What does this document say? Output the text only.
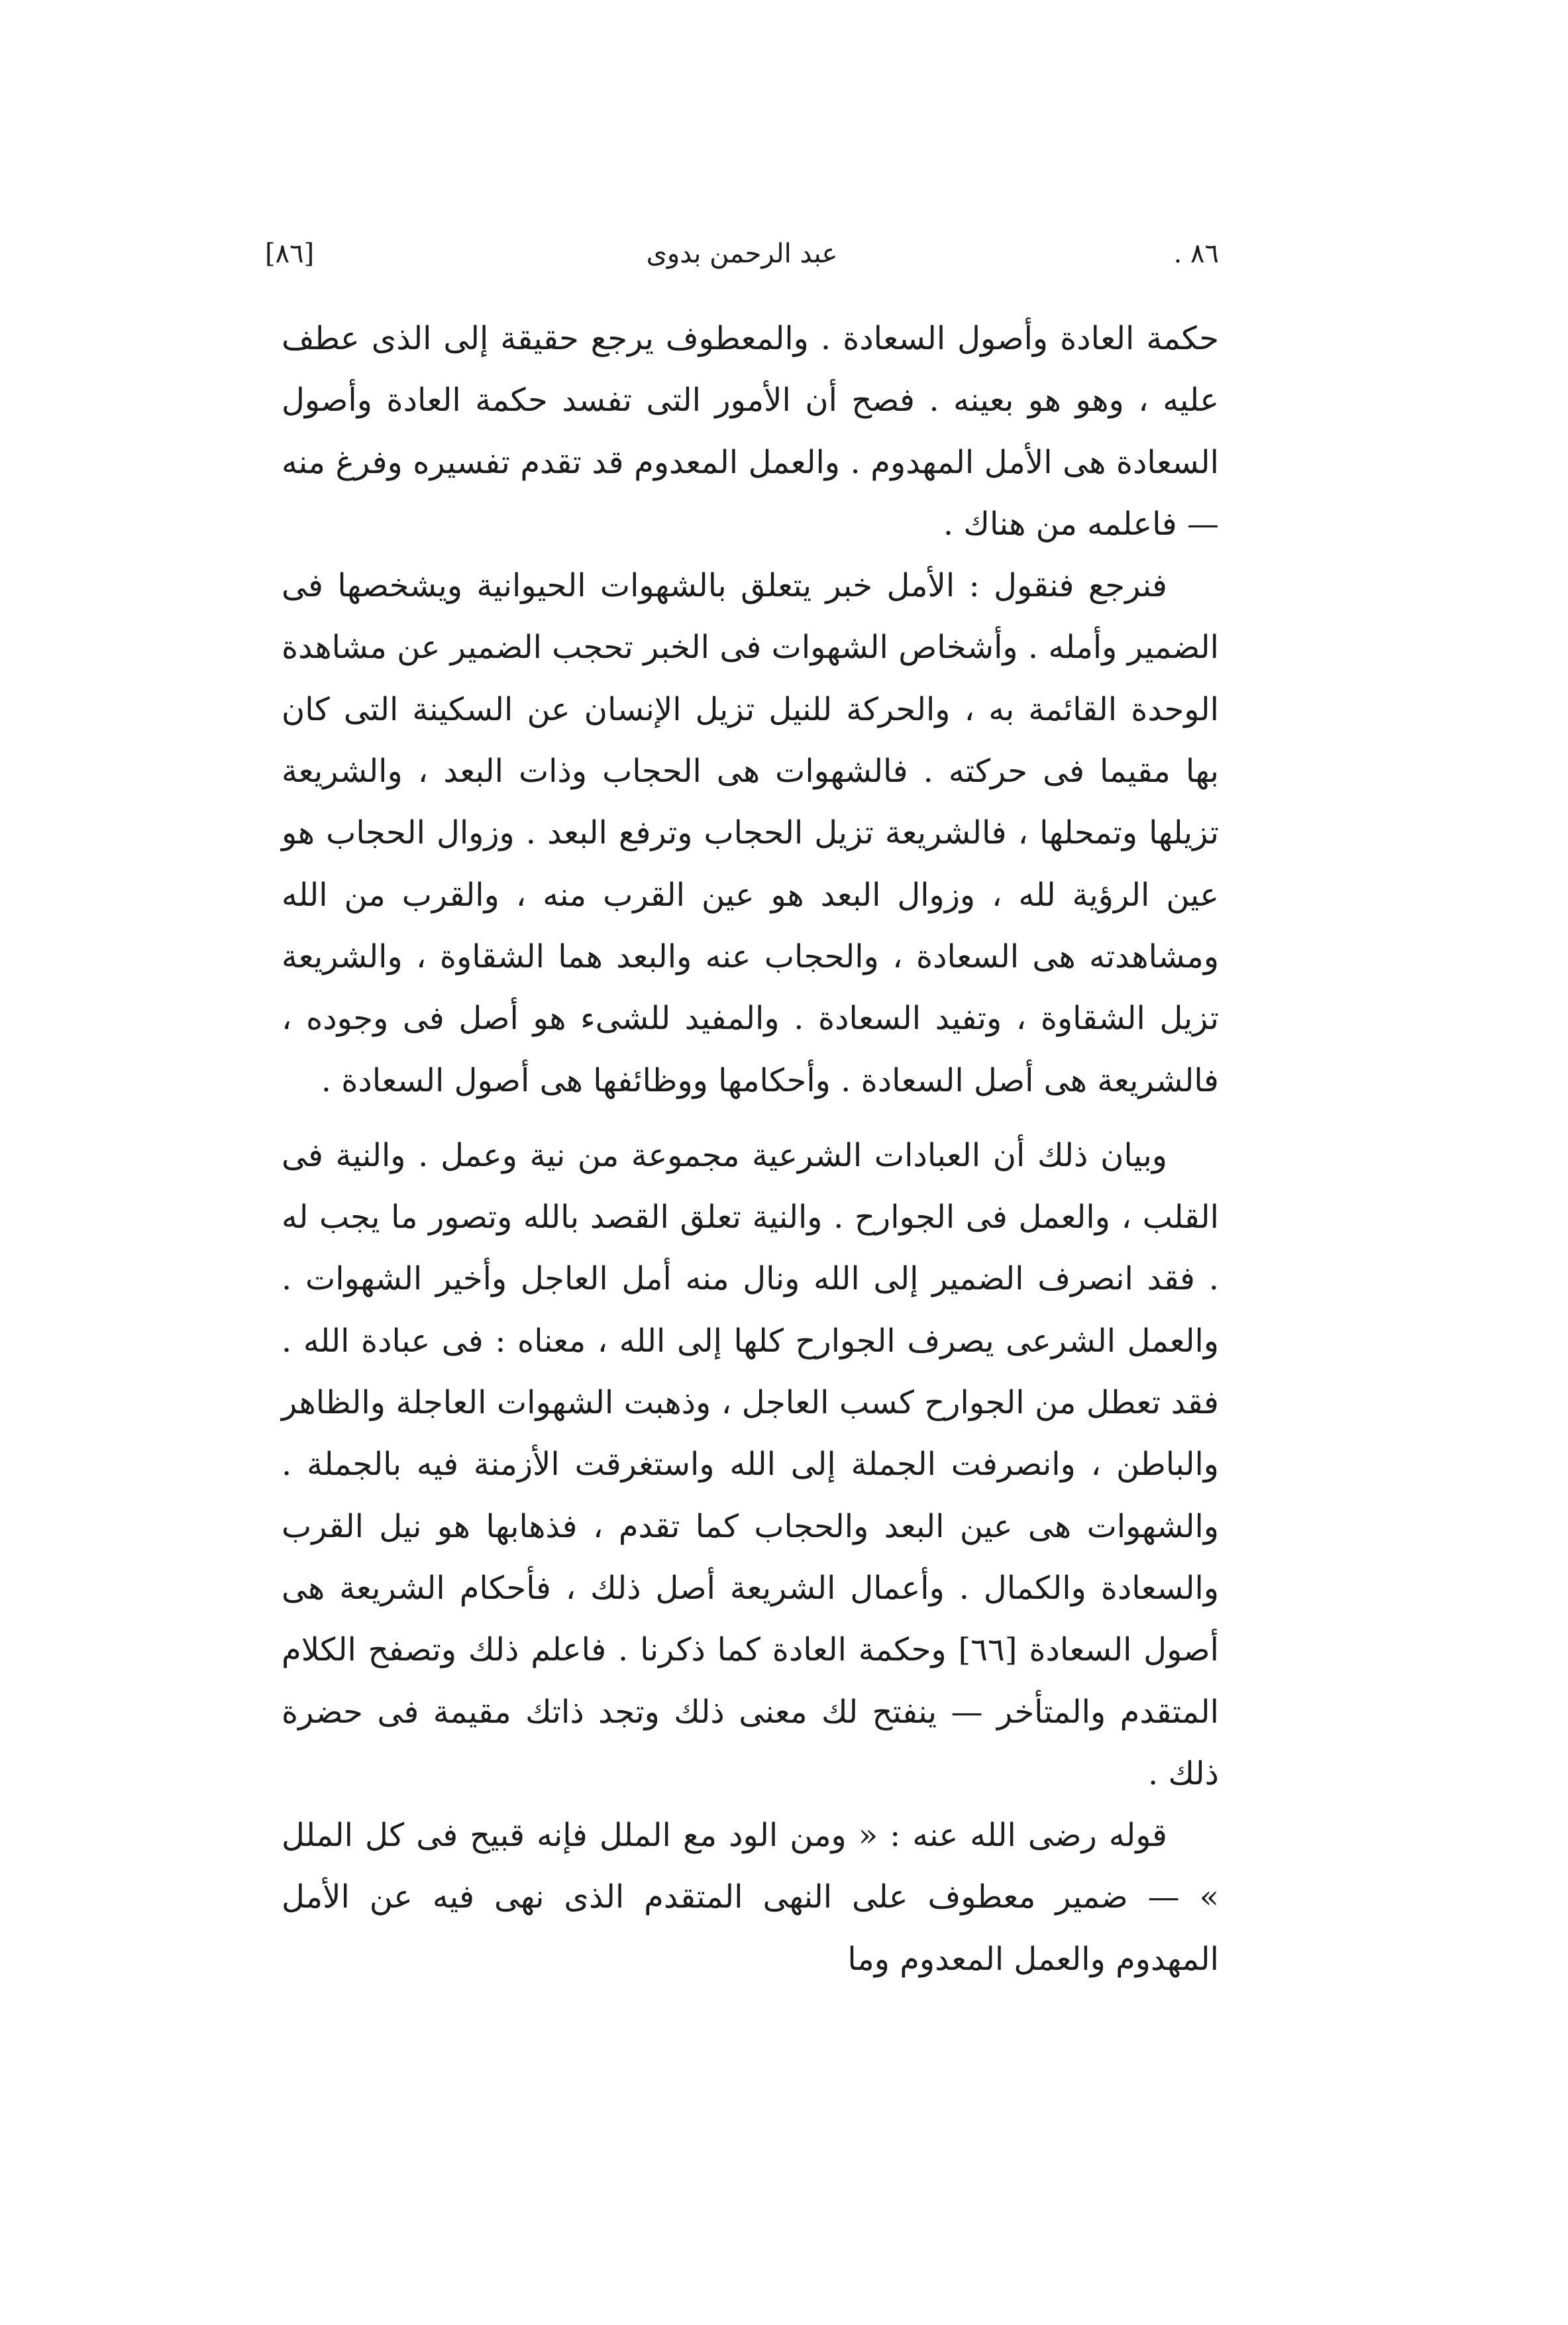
٨٦ .
عبد الرحمن بدوى
[٨٦]

حكمة العادة وأصول السعادة . والمعطوف يرجع حقيقة إلى الذى عطف عليه ، وهو هو بعينه . فصح أن الأمور التى تفسد حكمة العادة وأصول السعادة هى الأمل المهدوم . والعمل المعدوم قد تقدم تفسيره وفرغ منه — فاعلمه من هناك .

فنرجع فنقول : الأمل خبر يتعلق بالشهوات الحيوانية ويشخصها فى الضمير وأمله . وأشخاص الشهوات فى الخبر تحجب الضمير عن مشاهدة الوحدة القائمة به ، والحركة للنيل تزيل الإنسان عن السكينة التى كان بها مقيما فى حركته . فالشهوات هى الحجاب وذات البعد ، والشريعة تزيلها وتمحلها ، فالشريعة تزيل الحجاب وترفع البعد . وزوال الحجاب هو عين الرؤية لله ، وزوال البعد هو عين القرب منه ، والقرب من الله ومشاهدته هى السعادة ، والحجاب عنه والبعد هما الشقاوة ، والشريعة تزيل الشقاوة ، وتفيد السعادة . والمفيد للشىء هو أصل فى وجوده ، فالشريعة هى أصل السعادة . وأحكامها ووظائفها هى أصول السعادة .

وبيان ذلك أن العبادات الشرعية مجموعة من نية وعمل . والنية فى القلب ، والعمل فى الجوارح . والنية تعلق القصد بالله وتصور ما يجب له . فقد انصرف الضمير إلى الله ونال منه أمل العاجل وأخير الشهوات . والعمل الشرعى يصرف الجوارح كلها إلى الله ، معناه : فى عبادة الله . فقد تعطل من الجوارح كسب العاجل ، وذهبت الشهوات العاجلة والظاهر والباطن ، وانصرفت الجملة إلى الله واستغرقت الأزمنة فيه بالجملة . والشهوات هى عين البعد والحجاب كما تقدم ، فذهابها هو نيل القرب والسعادة والكمال . وأعمال الشريعة أصل ذلك ، فأحكام الشريعة هى أصول السعادة [٦٦] وحكمة العادة كما ذكرنا . فاعلم ذلك وتصفح الكلام المتقدم والمتأخر — ينفتح لك معنى ذلك وتجد ذاتك مقيمة فى حضرة ذلك .

قوله رضى الله عنه : « ومن الود مع الملل فإنه قبيح فى كل الملل » — ضمير معطوف على النهى المتقدم الذى نهى فيه عن الأمل المهدوم والعمل المعدوم وما
